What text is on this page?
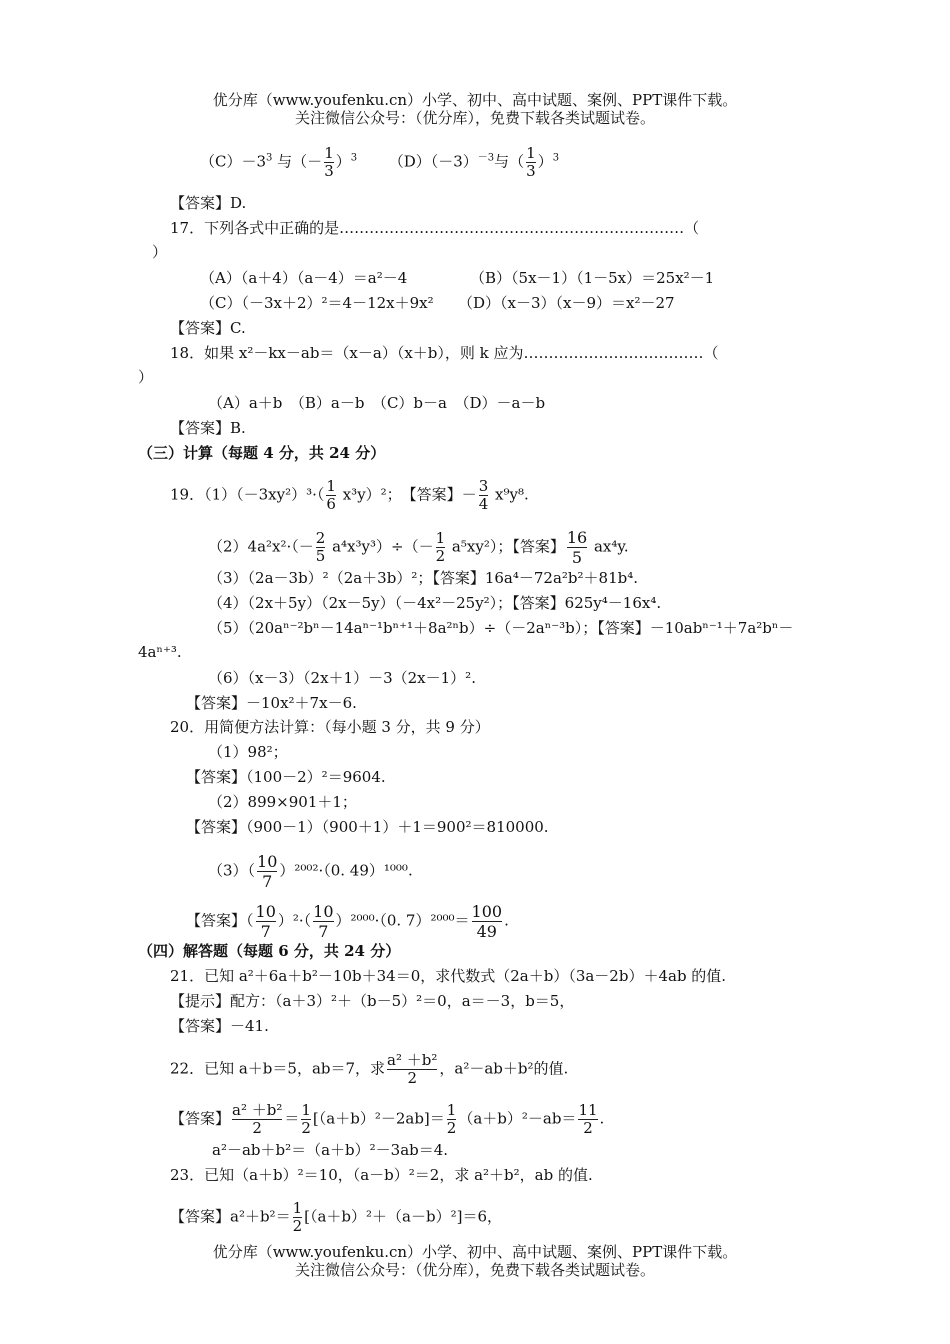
优分库（www.youfenku.cn）小学、初中、高中试题、案例、PPT课件下载。
关注微信公众号：（优分库），免费下载各类试题试卷。
$(C)-3^3$ 与（－ $\frac{1}{3} )^3$ $(D)(-3)^{-3}$与（ $\frac{1}{3} )^3$
【答案】D.
17．下列各式中正确的是……………………………………………………………（
）
（A）（a＋4）（a－4）＝a²－4	（B）（5x－1）（1－5x）＝25x²－1
（C）（－3x＋2）²＝4－12x＋9x² （D）（x－3）（x－9）＝x²－27
【答案】C.
18．如果 x²－kx－ab＝（x－a）（x＋b），则 k 应为………………………………（
）
（A）a＋b　（B）a－b　（C）b－a　（D）－a－b
【答案】B.
（三）计算（每题 4 分，共 24 分）
19．$(1)(-3xy^2)^3\cdot( \frac{1}{6} x^3y)^2$；　【答案】－ $\frac{3}{4} x^9y^8$.
$(2)4a^2x^2\cdot(- \frac{2}{5} a^4x^3y^3)\div(- \frac{1}{2} a^5xy^2)$；【答案】 $\frac{16}{5} ax^4y$.
（3）（2a－3b）²（2a＋3b）²；【答案】16a⁴－72a²b²＋81b⁴.
（4）（2x＋5y）（2x－5y）（－4x²－25y²）；【答案】625y⁴－16x⁴.
（5）（20aⁿ⁻²bⁿ－14aⁿ⁻¹bⁿ⁺¹＋8a²ⁿb）÷（－2aⁿ⁻³b）；【答案】－10abⁿ⁻¹＋7a²bⁿ－
4aⁿ⁺³.
（6）（x－3）（2x＋1）－3（2x－1）².
【答案】－10x²＋7x－6.
20．用简便方法计算：（每小题 3 分，共 9 分）
（1）98²；
【答案】（100－2）²＝9604.
（2）899×901＋1；
【答案】（900－1）（900＋1）＋1＝900²＝810000.
$(3)( \frac{10}{7} )^{2002}\cdot(0$. 49）¹⁰⁰⁰.
【答案】（ $\frac{10}{7} )^2\cdot( \frac{10}{7} )^{2000}\cdot(0$. $7)^{2000}= \frac{100}{49}$ .
（四）解答题（每题 6 分，共 24 分）
21．已知 a²＋6a＋b²－10b＋34＝0，求代数式（2a＋b）（3a－2b）＋4ab 的值.
【提示】配方：（a＋3）²＋（b－5）²＝0，a＝－3，b＝5，
【答案】－41.
22．已知 a＋b＝5，ab＝7，求 $\frac{\text{a² ＋b²}}{2}$ ，a²－ab＋b²的值.
【答案】 $\frac{\text{a² ＋b²}}{2} = \frac{1}{2} [(a+b)^2-2ab]= \frac{1}{2} (a+b)^2-ab= \frac{11}{2}$ .
a²－ab＋b²＝（a＋b）²－3ab＝4.
23．已知（a＋b）²＝10，（a－b）²＝2，求 a²＋b²，ab 的值.
【答案】$a^2+b^2= \frac{1}{2} [(a+b)^2+(a-b)^2]=6$，
优分库（www.youfenku.cn）小学、初中、高中试题、案例、PPT课件下载。
关注微信公众号：（优分库），免费下载各类试题试卷。
